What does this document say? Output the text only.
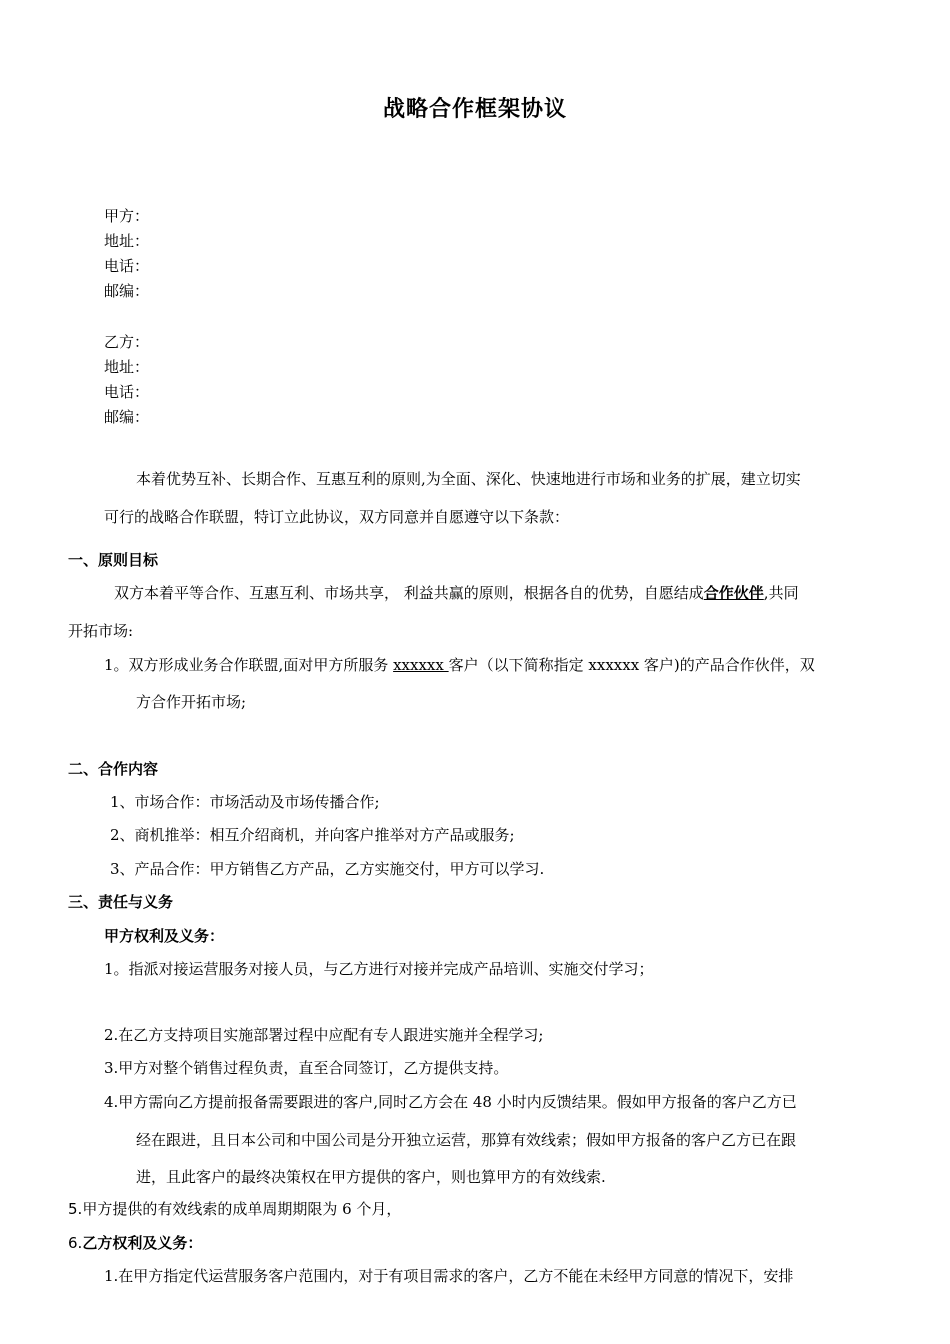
战略合作框架协议
甲方：
地址：
电话：
邮编：
乙方：
地址：
电话：
邮编：
本着优势互补、长期合作、互惠互利的原则,为全面、深化、快速地进行市场和业务的扩展，建立切实
可行的战略合作联盟，特订立此协议，双方同意并自愿遵守以下条款：
一、原则目标
双方本着平等合作、互惠互利、市场共享， 利益共赢的原则，根据各自的优势，自愿结成合作伙伴,共同
开拓市场:
1。双方形成业务合作联盟,面对甲方所服务 xxxxxx 客户（以下简称指定 xxxxxx 客户)的产品合作伙伴，双
方合作开拓市场;
二、合作内容
1、市场合作：市场活动及市场传播合作;
2、商机推举：相互介绍商机，并向客户推举对方产品或服务;
3、产品合作：甲方销售乙方产品，乙方实施交付，甲方可以学习.
三、责任与义务
甲方权利及义务：
1。指派对接运营服务对接人员，与乙方进行对接并完成产品培训、实施交付学习；
2.在乙方支持项目实施部署过程中应配有专人跟进实施并全程学习;
3.甲方对整个销售过程负责，直至合同签订，乙方提供支持。
4.甲方需向乙方提前报备需要跟进的客户,同时乙方会在 48 小时内反馈结果。假如甲方报备的客户乙方已
经在跟进，且日本公司和中国公司是分开独立运营，那算有效线索；假如甲方报备的客户乙方已在跟
进，且此客户的最终决策权在甲方提供的客户，则也算甲方的有效线索.
5.甲方提供的有效线索的成单周期期限为 6 个月，
6.乙方权利及义务：
1.在甲方指定代运营服务客户范围内，对于有项目需求的客户，乙方不能在未经甲方同意的情况下，安排
